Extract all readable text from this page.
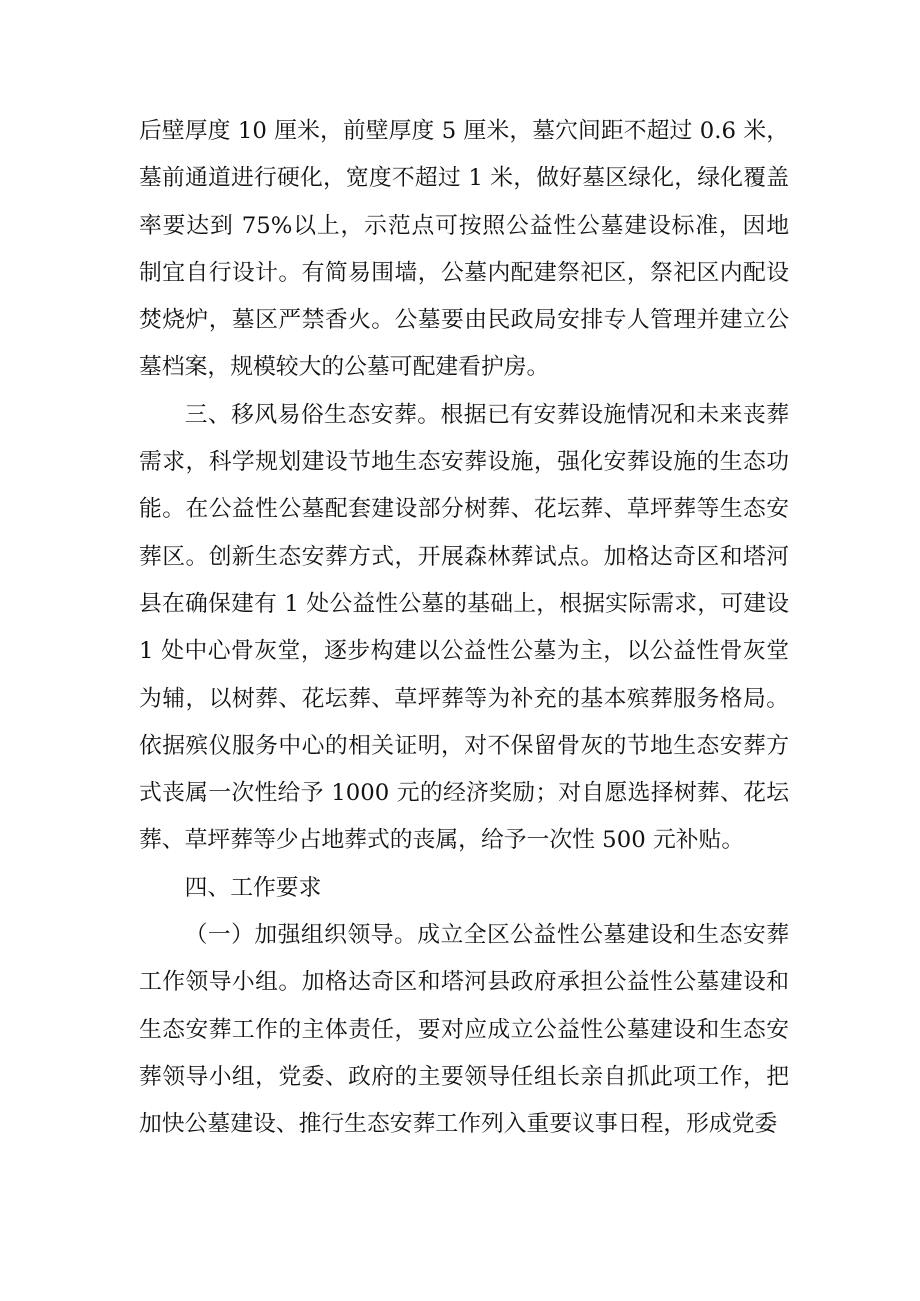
后壁厚度 10 厘米，前壁厚度 5 厘米，墓穴间距不超过 0.6 米，墓前通道进行硬化，宽度不超过 1 米，做好墓区绿化，绿化覆盖率要达到 75%以上，示范点可按照公益性公墓建设标准，因地制宜自行设计。有简易围墙，公墓内配建祭祀区，祭祀区内配设焚烧炉，墓区严禁香火。公墓要由民政局安排专人管理并建立公墓档案，规模较大的公墓可配建看护房。

三、移风易俗生态安葬。根据已有安葬设施情况和未来丧葬需求，科学规划建设节地生态安葬设施，强化安葬设施的生态功能。在公益性公墓配套建设部分树葬、花坛葬、草坪葬等生态安葬区。创新生态安葬方式，开展森林葬试点。加格达奇区和塔河县在确保建有 1 处公益性公墓的基础上，根据实际需求，可建设 1 处中心骨灰堂，逐步构建以公益性公墓为主，以公益性骨灰堂为辅，以树葬、花坛葬、草坪葬等为补充的基本殡葬服务格局。依据殡仪服务中心的相关证明，对不保留骨灰的节地生态安葬方式丧属一次性给予 1000 元的经济奖励；对自愿选择树葬、花坛葬、草坪葬等少占地葬式的丧属，给予一次性 500 元补贴。

四、工作要求

（一）加强组织领导。成立全区公益性公墓建设和生态安葬工作领导小组。加格达奇区和塔河县政府承担公益性公墓建设和生态安葬工作的主体责任，要对应成立公益性公墓建设和生态安葬领导小组，党委、政府的主要领导任组长亲自抓此项工作，把加快公墓建设、推行生态安葬工作列入重要议事日程，形成党委
